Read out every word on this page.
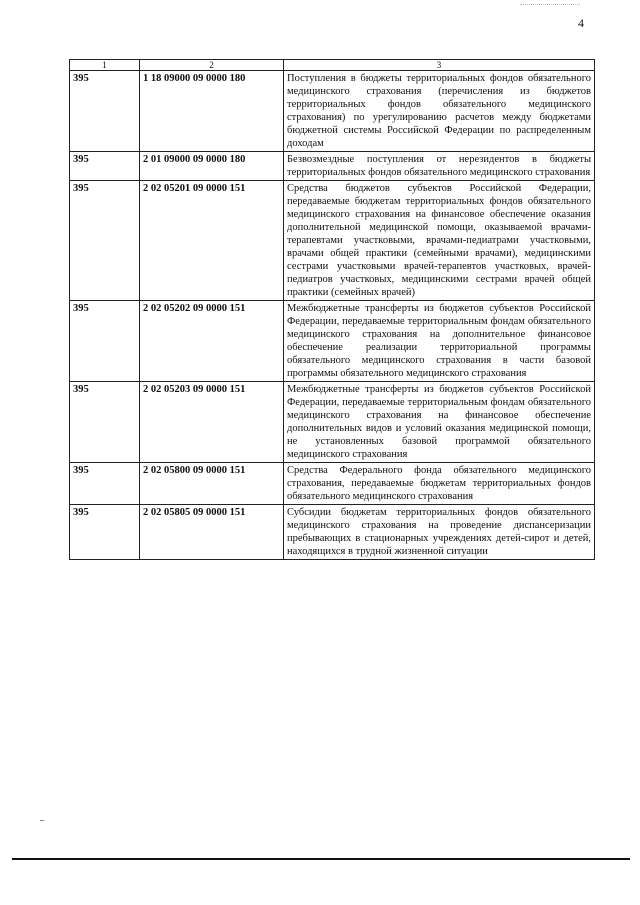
4
1	2	3
395	1 18 09000 09 0000 180	Поступления в бюджеты территориальных фондов обязательного медицинского страхования (перечисления из бюджетов территориальных фондов обязательного медицинского страхования) по урегулированию расчетов между бюджетами бюджетной системы Российской Федерации по распределенным доходам
395	2 01 09000 09 0000 180	Безвозмездные поступления от нерезидентов в бюджеты территориальных фондов обязательного медицинского страхования
395	2 02 05201 09 0000 151	Средства бюджетов субъектов Российской Федерации, передаваемые бюджетам территориальных фондов обязательного медицинского страхования на финансовое обеспечение оказания дополнительной медицинской помощи, оказываемой врачами-терапевтами участковыми, врачами-педиатрами участковыми, врачами общей практики (семейными врачами), медицинскими сестрами участковыми врачей-терапевтов участковых, врачей-педиатров участковых, медицинскими сестрами врачей общей практики (семейных врачей)
395	2 02 05202 09 0000 151	Межбюджетные трансферты из бюджетов субъектов Российской Федерации, передаваемые территориальным фондам обязательного медицинского страхования на дополнительное финансовое обеспечение реализации территориальной программы обязательного медицинского страхования в части базовой программы обязательного медицинского страхования
395	2 02 05203 09 0000 151	Межбюджетные трансферты из бюджетов субъектов Российской Федерации, передаваемые территориальным фондам обязательного медицинского страхования на финансовое обеспечение дополнительных видов и условий оказания медицинской помощи, не установленных базовой программой обязательного медицинского страхования
395	2 02 05800 09 0000 151	Средства Федерального фонда обязательного медицинского страхования, передаваемые бюджетам территориальных фондов обязательного медицинского страхования
395	2 02 05805 09 0000 151	Субсидии бюджетам территориальных фондов обязательного медицинского страхования на проведение диспансеризации пребывающих в стационарных учреждениях детей-сирот и детей, находящихся в трудной жизненной ситуации
